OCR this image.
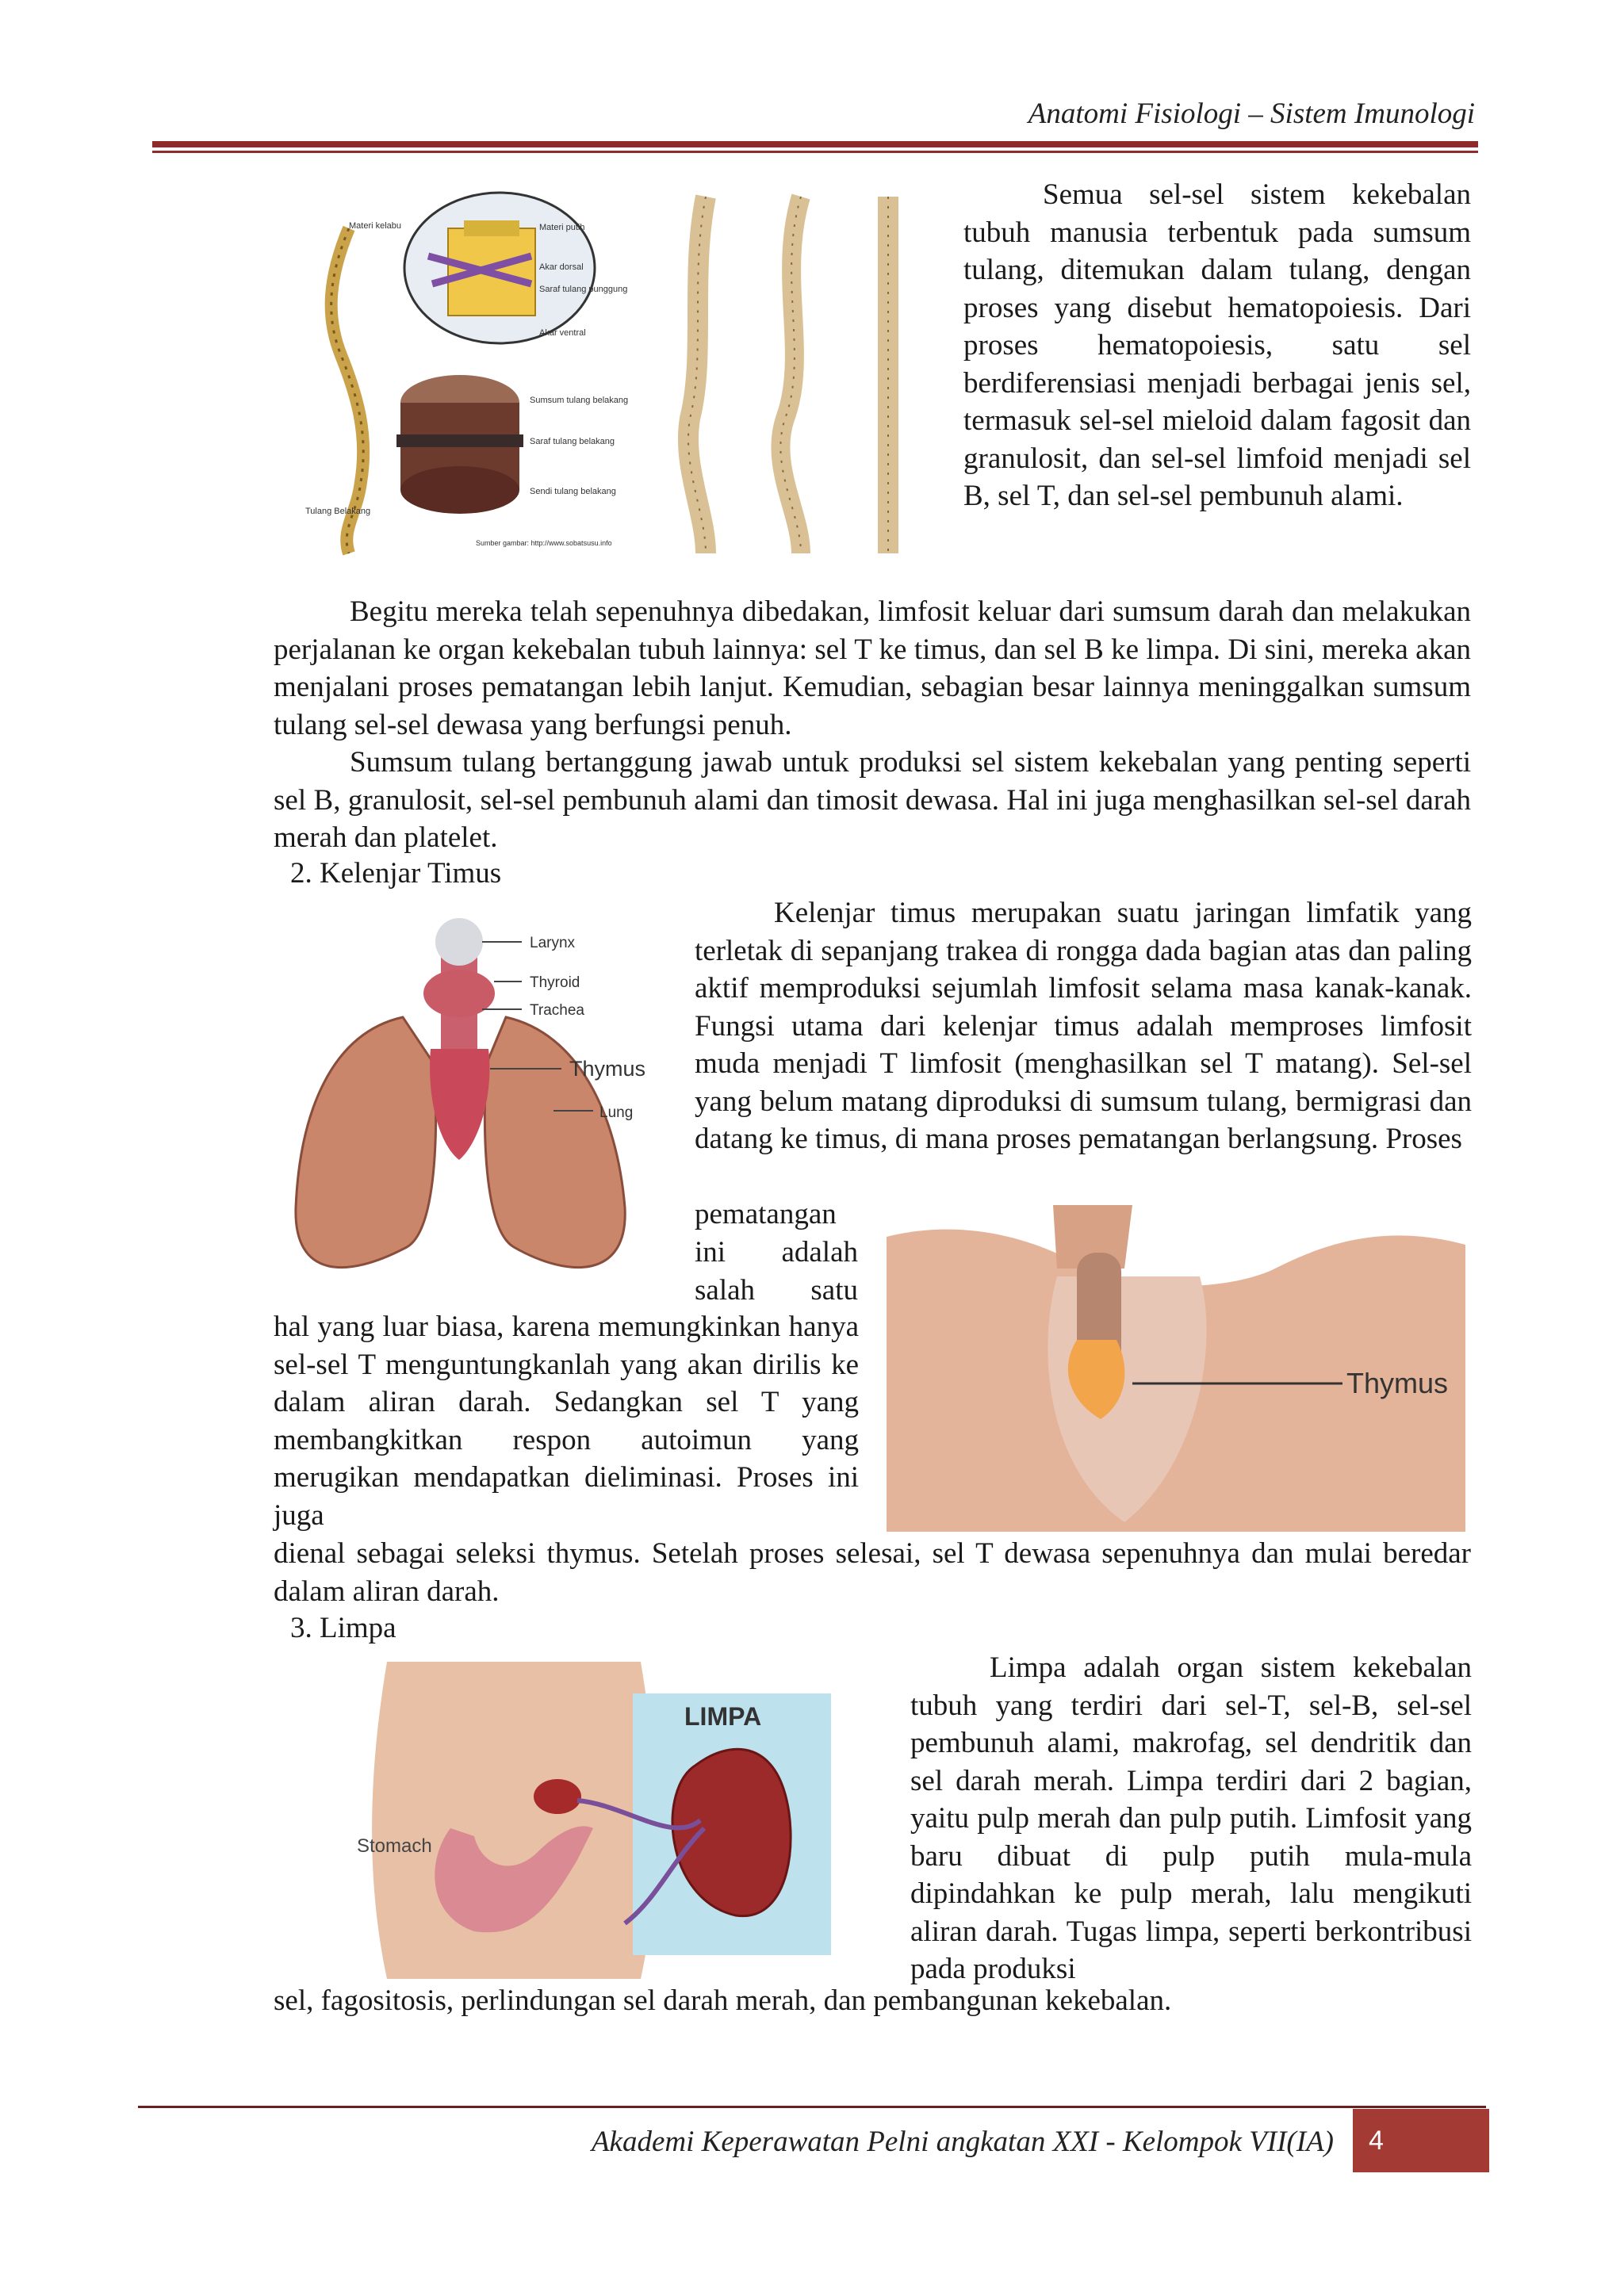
Anatomi Fisiologi – Sistem Imunologi
Materi kelabu	Materi putih
Akar dorsal
Saraf tulang punggung
Akar ventral
Sumsum tulang belakang
Saraf tulang belakang
Sendi tulang belakang
Tulang Belakang
Sumber gambar: http://www.sobatsusu.info

Semua sel-sel sistem kekebalan tubuh manusia terbentuk pada sumsum tulang, ditemukan dalam tulang, dengan proses yang disebut hematopoiesis. Dari proses hematopoiesis, satu sel berdiferensiasi menjadi berbagai jenis sel, termasuk sel-sel mieloid dalam fagosit dan granulosit, dan sel-sel limfoid menjadi sel B, sel T, dan sel-sel pembunuh alami.

Begitu mereka telah sepenuhnya dibedakan, limfosit keluar dari sumsum darah dan melakukan perjalanan ke organ kekebalan tubuh lainnya: sel T ke timus, dan sel B ke limpa. Di sini, mereka akan menjalani proses pematangan lebih lanjut. Kemudian, sebagian besar lainnya meninggalkan sumsum tulang sel-sel dewasa yang berfungsi penuh.

Sumsum tulang bertanggung jawab untuk produksi sel sistem kekebalan yang penting seperti sel B, granulosit, sel-sel pembunuh alami dan timosit dewasa. Hal ini juga menghasilkan sel-sel darah merah dan platelet.

2. Kelenjar Timus
Larynx
Thyroid
Trachea
Thymus
Lung

Kelenjar timus merupakan suatu jaringan limfatik yang terletak di sepanjang trakea di rongga dada bagian atas dan paling aktif memproduksi sejumlah limfosit selama masa kanak-kanak. Fungsi utama dari kelenjar timus adalah memproses limfosit muda menjadi T limfosit (menghasilkan sel T matang). Sel-sel yang belum matang diproduksi di sumsum tulang, bermigrasi dan datang ke timus, di mana proses pematangan berlangsung. Proses

pematangan
ini adalah
salah satu
Thymus

hal yang luar biasa, karena memungkinkan hanya sel-sel T menguntungkanlah yang akan dirilis ke dalam aliran darah. Sedangkan sel T yang membangkitkan respon autoimun yang merugikan mendapatkan dieliminasi. Proses ini juga

dienal sebagai seleksi thymus. Setelah proses selesai, sel T dewasa sepenuhnya dan mulai beredar dalam aliran darah.

3. Limpa
LIMPA
Stomach

Limpa adalah organ sistem kekebalan tubuh yang terdiri dari sel-T, sel-B, sel-sel pembunuh alami, makrofag, sel dendritik dan sel darah merah. Limpa terdiri dari 2 bagian, yaitu pulp merah dan pulp putih. Limfosit yang baru dibuat di pulp putih mula-mula dipindahkan ke pulp merah, lalu mengikuti aliran darah. Tugas limpa, seperti berkontribusi pada produksi

sel, fagositosis, perlindungan sel darah merah, dan pembangunan kekebalan.

Akademi Keperawatan Pelni angkatan XXI - Kelompok VII(IA)	4
